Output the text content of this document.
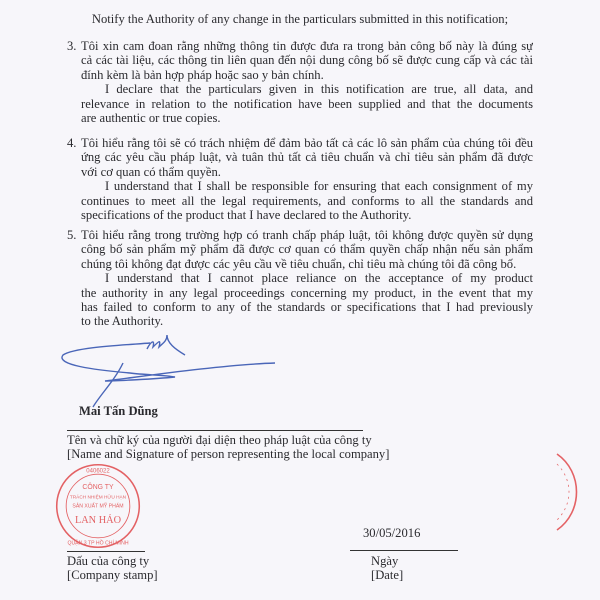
Notify the Authority of any change in the particulars submitted in this notification;
3. Tôi xin cam đoan rằng những thông tin được đưa ra trong bản công bố này là đúng sự
cả các tài liệu, các thông tin liên quan đến nội dung công bố sẽ được cung cấp và các tài
đính kèm là bản hợp pháp hoặc sao y bản chính.
I declare that the particulars given in this notification are true, all data, and
relevance in relation to the notification have been supplied and that the documents
are authentic or true copies.
4. Tôi hiểu rằng tôi sẽ có trách nhiệm để đảm bảo tất cả các lô sản phẩm của chúng tôi đều
ứng các yêu cầu pháp luật, và tuân thủ tất cả tiêu chuẩn và chỉ tiêu sản phẩm đã được
với cơ quan có thẩm quyền.
I understand that I shall be responsible for ensuring that each consignment of my
continues to meet all the legal requirements, and conforms to all the standards and
specifications of the product that I have declared to the Authority.
5. Tôi hiểu rằng trong trường hợp có tranh chấp pháp luật, tôi không được quyền sử dụng
công bố sản phẩm mỹ phẩm đã được cơ quan có thẩm quyền chấp nhận nếu sản phẩm
chúng tôi không đạt được các yêu cầu về tiêu chuẩn, chỉ tiêu mà chúng tôi đã công bố.
I understand that I cannot place reliance on the acceptance of my product
the authority in any legal proceedings concerning my product, in the event that my
has failed to conform to any of the standards or specifications that I had previously
to the Authority.
Mai Tấn Dũng
Tên và chữ ký của người đại diện theo pháp luật của công ty
[Name and Signature of person representing the local company]
0406022
CÔNG TY
TRÁCH NHIỆM HỮU HẠN
SẢN XUẤT MỸ PHẨM
LAN HẢO
QUẬN 3 TP HỒ CHÍ MINH
30/05/2016
Dấu của công ty
[Company stamp]
Ngày
[Date]
